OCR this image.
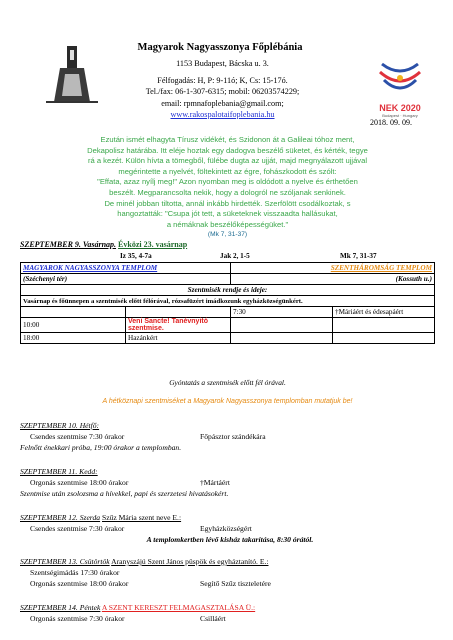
Magyarok Nagyasszonya Főplébánia
1153 Budapest, Bácska u. 3.
Félfogadás: H, P: 9-11ó; K, Cs: 15-17ó.
Tel./fax: 06-1-307-6315; mobil: 06203574229;
email: rpmnafoplebania@gmail.com;
www.rakospalotaifoplebania.hu
NEK 2020
Budapest · Hungary
2018. 09. 09.
Ezután ismét elhagyta Tírusz vidékét, és Szidonon át a Galileai tóhoz ment,
Dekapolisz határába. Itt eléje hoztak egy dadogva beszélő süketet, és kérték, tegye
rá a kezét. Külön hívta a tömegből, fülébe dugta az ujját, majd megnyálazott ujjával
megérintette a nyelvét, föltekintett az égre, fohászkodott és szólt:
"Effata, azaz nyílj meg!" Azon nyomban meg is oldódott a nyelve és érthetően
beszélt. Megparancsolta nekik, hogy a dologról ne szóljanak senkinek.
De minél jobban tiltotta, annál inkább hirdették. Szerfölött csodálkoztak, s
hangoztatták: "Csupa jót tett, a süketeknek visszaadta hallásukat,
a némáknak beszélőképességüket."
(Mk 7, 31-37)
SZEPTEMBER 9. Vasárnap. Évközi 23. vasárnap
Iz 35, 4-7a	Jak 2, 1-5	Mk 7, 31-37
MAGYAROK NAGYASSZONYA TEMPLOM		SZENTHÁROMSÁG TEMPLOM	
(Széchenyi tér)		(Kossuth u.)	
Szentmisék rendje és ideje:			
Vasárnap és főünnepen a szentmisék előtt félórával, rózsafüzért imádkozunk egyházközségünkért.			
		7:30	†Máriáért és édesapáért
10:00	Veni Sancte! Tanévnyitó szentmise.		
18:00	Hazánkért		
Gyóntatás a szentmisék előtt fél órával.
A hétköznapi szentmiséket a Magyarok Nagyasszonya templomban mutatjuk be!
SZEPTEMBER 10. Hétfő:
Csendes szentmise 7:30 órakor	Főpásztor szándékára
Felnőtt énekkari próba, 19:00 órakor a templomban.
SZEPTEMBER 11. Kedd:
Orgonás szentmise 18:00 órakor	†Mártáért
Szentmise után zsolozsma a hívekkel, papi és szerzetesi hivatásokért.
SZEPTEMBER 12. Szerda Szűz Mária szent neve E.:
Csendes szentmise 7:30 órakor	Egyházközségért
A templomkertben lévő kisház takarítása, 8:30 órától.
SZEPTEMBER 13. Csütörtök Aranyszájú Szent János püspök és egyháztanító. E.:
Szentségimádás 17:30 órakor
Orgonás szentmise 18:00 órakor	Segítő Szűz tiszteletére
SZEPTEMBER 14. Péntek A SZENT KERESZT FELMAGASZTALÁSA Ü.:
Orgonás szentmise 7:30 órakor	Csilláért
